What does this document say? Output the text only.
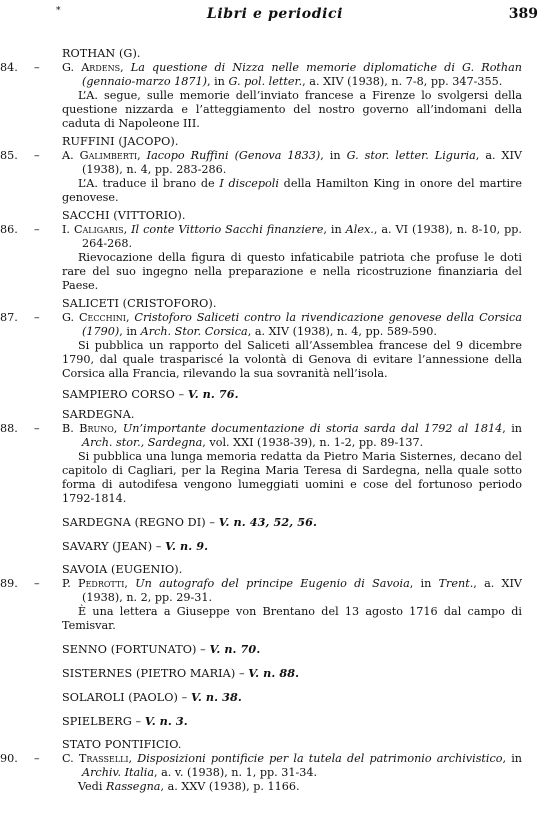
*	Libri e periodici	389
ROTHAN (G).
84. – G. Ardens, La questione di Nizza nelle memorie diplomatiche di G. Rothan (gennaio-marzo 1871), in G. pol. letter., a. XIV (1938), n. 7-8, pp. 347-355.
L’A. segue, sulle memorie dell’inviato francese a Firenze lo svolgersi della questione nizzarda e l’atteggiamento del nostro governo all’indomani della caduta di Napoleone III.
RUFFINI (JACOPO).
85. – A. Galimberti, Iacopo Ruffini (Genova 1833), in G. stor. letter. Liguria, a. XIV (1938), n. 4, pp. 283-286.
L’A. traduce il brano de I discepoli della Hamilton King in onore del martire genovese.
SACCHI (VITTORIO).
86. – I. Caligaris, Il conte Vittorio Sacchi finanziere, in Alex., a. VI (1938), n. 8-10, pp. 264-268.
Rievocazione della figura di questo infaticabile patriota che profuse le doti rare del suo ingegno nella preparazione e nella ricostruzione finanziaria del Paese.
SALICETI (CRISTOFORO).
87. – G. Cecchini, Cristoforo Saliceti contro la rivendicazione genovese della Corsica (1790), in Arch. Stor. Corsica, a. XIV (1938), n. 4, pp. 589-590.
Si pubblica un rapporto del Saliceti all’Assemblea francese del 9 dicembre 1790, dal quale traspariscé la volontà di Genova di evitare l’annessione della Corsica alla Francia, rilevando la sua sovranità nell’isola.
SAMPIERO CORSO – V. n. 76.
SARDEGNA.
88. – B. Bruno, Un’importante documentazione di storia sarda dal 1792 al 1814, in Arch. stor., Sardegna, vol. XXI (1938-39), n. 1-2, pp. 89-137.
Si pubblica una lunga memoria redatta da Pietro Maria Sisternes, decano del capitolo di Cagliari, per la Regina Maria Teresa di Sardegna, nella quale sotto forma di autodifesa vengono lumeggiati uomini e cose del fortunoso periodo 1792-1814.
SARDEGNA (REGNO DI) – V. n. 43, 52, 56.
SAVARY (JEAN) – V. n. 9.
SAVOIA (EUGENIO).
89. – P. Pedrotti, Un autografo del principe Eugenio di Savoia, in Trent., a. XIV (1938), n. 2, pp. 29-31.
È una lettera a Giuseppe von Brentano del 13 agosto 1716 dal campo di Temisvar.
SENNO (FORTUNATO) – V. n. 70.
SISTERNES (PIETRO MARIA) – V. n. 88.
SOLAROLI (PAOLO) – V. n. 38.
SPIELBERG – V. n. 3.
STATO PONTIFICIO.
90. – C. Trasselli, Disposizioni pontificie per la tutela del patrimonio archivistico, in Archiv. Italia, a. v. (1938), n. 1, pp. 31-34.
Vedi Rassegna, a. XXV (1938), p. 1166.
